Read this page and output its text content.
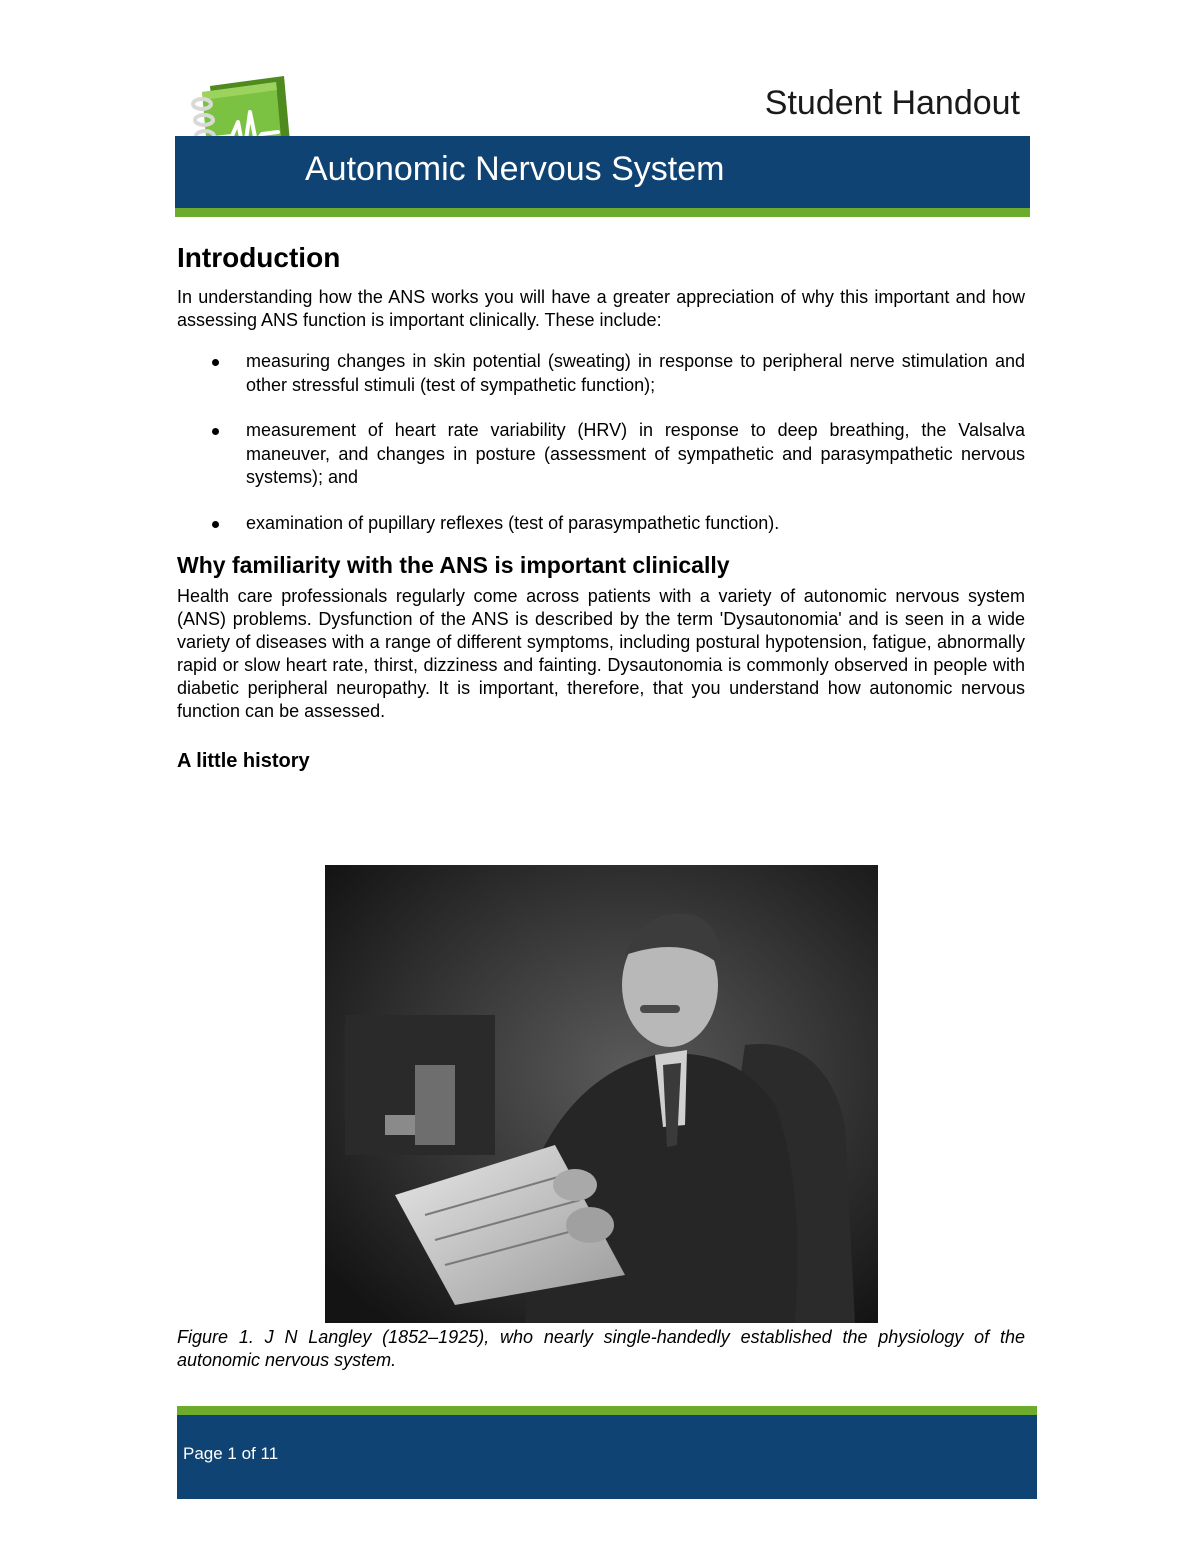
Student Handout
Autonomic Nervous System
Introduction

In understanding how the ANS works you will have a greater appreciation of why this important and how assessing ANS function is important clinically. These include:

measuring changes in skin potential (sweating) in response to peripheral nerve stimulation and other stressful stimuli (test of sympathetic function);
measurement of heart rate variability (HRV) in response to deep breathing, the Valsalva maneuver, and changes in posture (assessment of sympathetic and parasympathetic nervous systems); and
examination of pupillary reflexes (test of parasympathetic function).
Why familiarity with the ANS is important clinically

Health care professionals regularly come across patients with a variety of autonomic nervous system (ANS) problems. Dysfunction of the ANS is described by the term 'Dysautonomia' and is seen in a wide variety of diseases with a range of different symptoms, including postural hypotension, fatigue, abnormally rapid or slow heart rate, thirst, dizziness and fainting. Dysautonomia is commonly observed in people with diabetic peripheral neuropathy. It is important, therefore, that you understand how autonomic nervous function can be assessed.

A little history
Figure 1. J N Langley (1852–1925), who nearly single-handedly established the physiology of the autonomic nervous system.
Page 1 of 11
